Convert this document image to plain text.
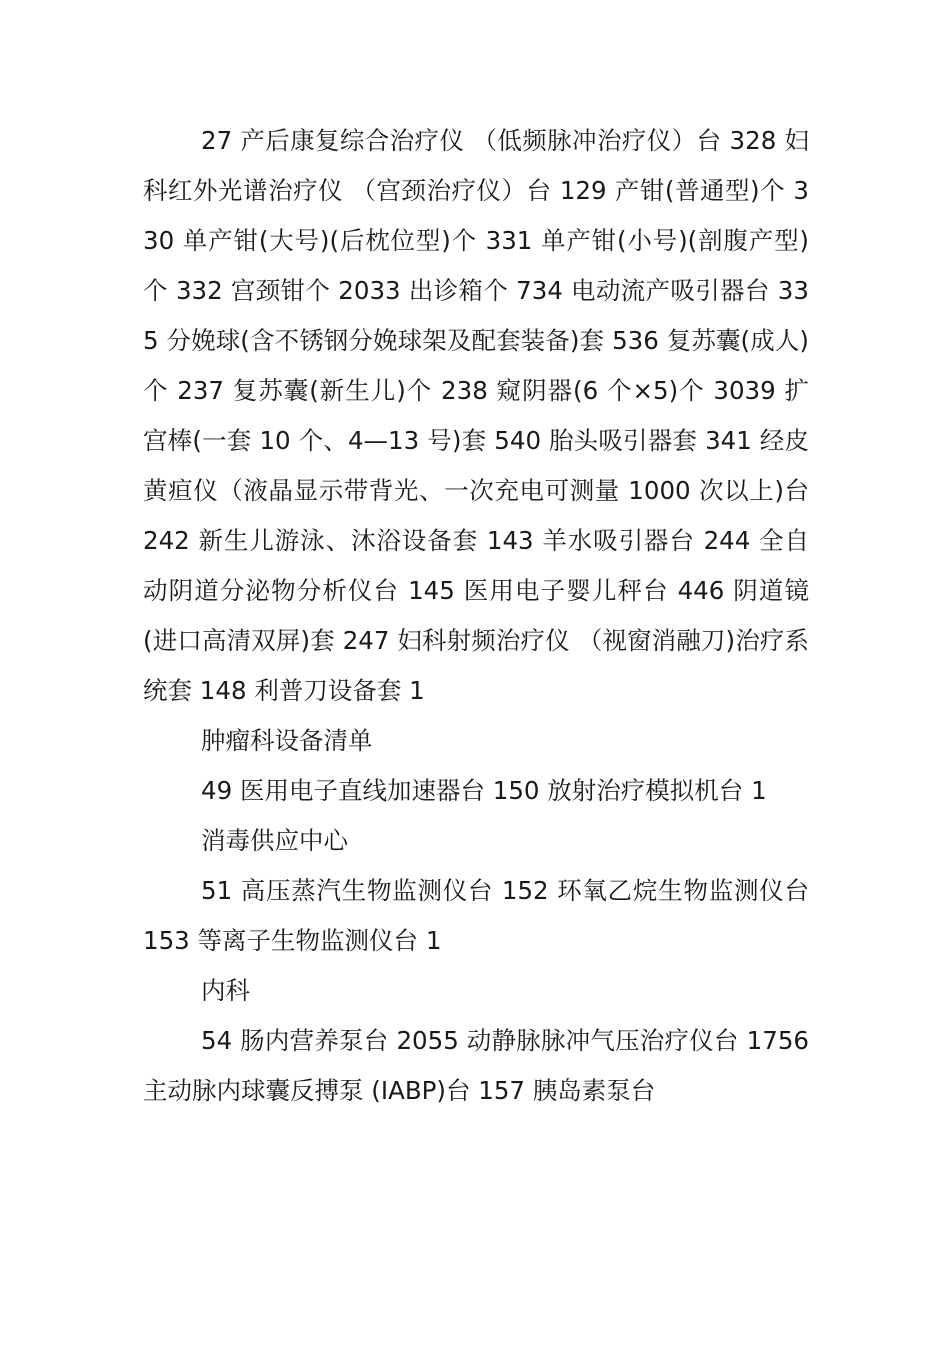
27 产后康复综合治疗仪 （低频脉冲治疗仪）台 328 妇科红外光谱治疗仪 （宫颈治疗仪）台 129 产钳(普通型)个 330 单产钳(大号)(后枕位型)个 331 单产钳(小号)(剖腹产型)个 332 宫颈钳个 2033 出诊箱个 734 电动流产吸引器台 335 分娩球(含不锈钢分娩球架及配套装备)套 536 复苏囊(成人)个 237 复苏囊(新生儿)个 238 窥阴器(6 个×5)个 3039 扩宫棒(一套 10 个、4—13 号)套 540 胎头吸引器套 341 经皮黄疸仪（液晶显示带背光、一次充电可测量 1000 次以上)台 242 新生儿游泳、沐浴设备套 143 羊水吸引器台 244 全自动阴道分泌物分析仪台 145 医用电子婴儿秤台 446 阴道镜(进口高清双屏)套 247 妇科射频治疗仪 （视窗消融刀)治疗系统套 148 利普刀设备套 1

肿瘤科设备清单

49 医用电子直线加速器台 150 放射治疗模拟机台 1

消毒供应中心

51 高压蒸汽生物监测仪台 152 环氧乙烷生物监测仪台 153 等离子生物监测仪台 1

内科

54 肠内营养泵台 2055 动静脉脉冲气压治疗仪台 1756 主动脉内球囊反搏泵 (IABP)台 157 胰岛素泵台
